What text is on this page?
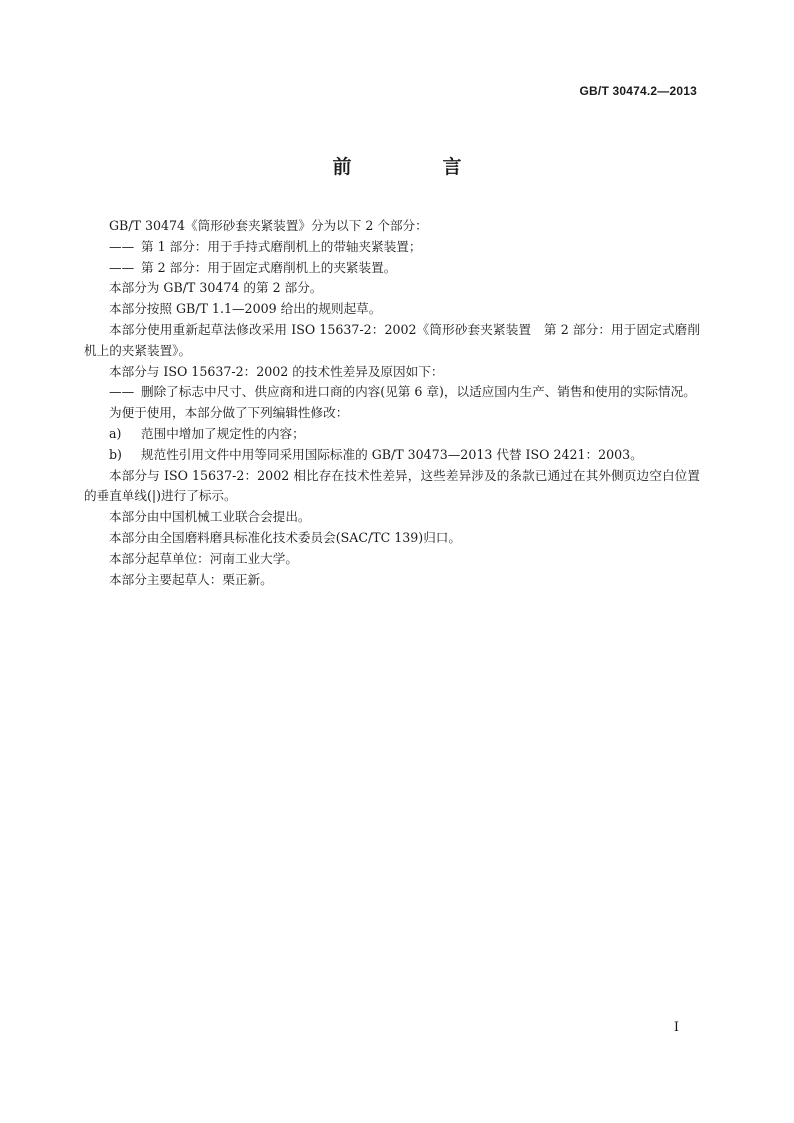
GB/T 30474.2—2013
前　言

GB/T 30474《筒形砂套夹紧装置》分为以下 2 个部分：

—— 第 1 部分：用于手持式磨削机上的带轴夹紧装置；

—— 第 2 部分：用于固定式磨削机上的夹紧装置。

本部分为 GB/T 30474 的第 2 部分。

本部分按照 GB/T 1.1—2009 给出的规则起草。

本部分使用重新起草法修改采用 ISO 15637-2：2002《筒形砂套夹紧装置　第 2 部分：用于固定式磨削机上的夹紧装置》。

本部分与 ISO 15637-2：2002 的技术性差异及原因如下：

—— 删除了标志中尺寸、供应商和进口商的内容(见第 6 章)，以适应国内生产、销售和使用的实际情况。

为便于使用，本部分做了下列编辑性修改：

a) 范围中增加了规定性的内容；

b) 规范性引用文件中用等同采用国际标准的 GB/T 30473—2013 代替 ISO 2421：2003。

本部分与 ISO 15637-2：2002 相比存在技术性差异，这些差异涉及的条款已通过在其外侧页边空白位置的垂直单线(|)进行了标示。

本部分由中国机械工业联合会提出。

本部分由全国磨料磨具标准化技术委员会(SAC/TC 139)归口。

本部分起草单位：河南工业大学。

本部分主要起草人：栗正新。

I
